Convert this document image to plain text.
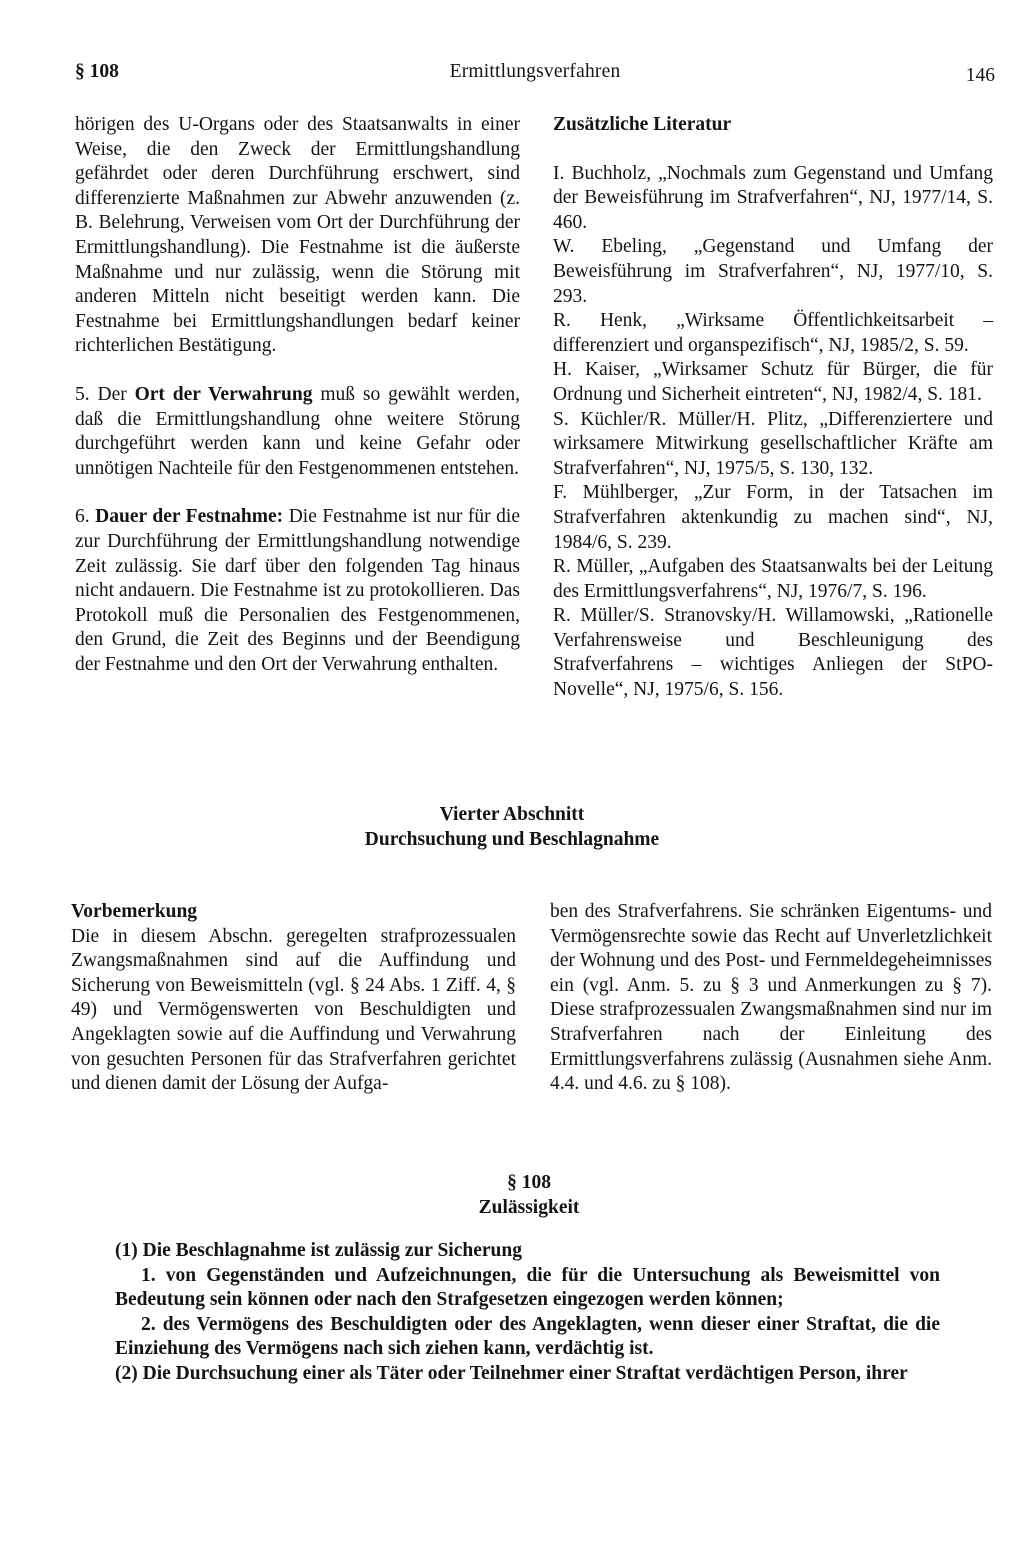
§ 108	Ermittlungsverfahren	146

hörigen des U-Organs oder des Staatsanwalts in einer Weise, die den Zweck der Ermittlungshandlung gefährdet oder deren Durchführung erschwert, sind differenzierte Maßnahmen zur Abwehr anzuwenden (z. B. Belehrung, Verweisen vom Ort der Durchführung der Ermittlungshandlung). Die Festnahme ist die äußerste Maßnahme und nur zulässig, wenn die Störung mit anderen Mitteln nicht beseitigt werden kann. Die Festnahme bei Ermittlungshandlungen bedarf keiner richterlichen Bestätigung.

5. Der Ort der Verwahrung muß so gewählt werden, daß die Ermittlungshandlung ohne weitere Störung durchgeführt werden kann und keine Gefahr oder unnötigen Nachteile für den Festgenommenen entstehen.

6. Dauer der Festnahme: Die Festnahme ist nur für die zur Durchführung der Ermittlungshandlung notwendige Zeit zulässig. Sie darf über den folgenden Tag hinaus nicht andauern. Die Festnahme ist zu protokollieren. Das Protokoll muß die Personalien des Festgenommenen, den Grund, die Zeit des Beginns und der Beendigung der Festnahme und den Ort der Verwahrung enthalten.

Zusätzliche Literatur

I. Buchholz, „Nochmals zum Gegenstand und Umfang der Beweisführung im Strafverfahren“, NJ, 1977/14, S. 460.

W. Ebeling, „Gegenstand und Umfang der Beweisführung im Strafverfahren“, NJ, 1977/10, S. 293.

R. Henk, „Wirksame Öffentlichkeitsarbeit – differenziert und organspezifisch“, NJ, 1985/2, S. 59.

H. Kaiser, „Wirksamer Schutz für Bürger, die für Ordnung und Sicherheit eintreten“, NJ, 1982/4, S. 181.

S. Küchler/R. Müller/H. Plitz, „Differenziertere und wirksamere Mitwirkung gesellschaftlicher Kräfte am Strafverfahren“, NJ, 1975/5, S. 130, 132.

F. Mühlberger, „Zur Form, in der Tatsachen im Strafverfahren aktenkundig zu machen sind“, NJ, 1984/6, S. 239.

R. Müller, „Aufgaben des Staatsanwalts bei der Leitung des Ermittlungsverfahrens“, NJ, 1976/7, S. 196.

R. Müller/S. Stranovsky/H. Willamowski, „Rationelle Verfahrensweise und Beschleunigung des Strafverfahrens – wichtiges Anliegen der StPO-Novelle“, NJ, 1975/6, S. 156.

Vierter Abschnitt
Durchsuchung und Beschlagnahme

Vorbemerkung

Die in diesem Abschn. geregelten strafprozessualen Zwangsmaßnahmen sind auf die Auffindung und Sicherung von Beweismitteln (vgl. § 24 Abs. 1 Ziff. 4, § 49) und Vermögenswerten von Beschuldigten und Angeklagten sowie auf die Auffindung und Verwahrung von gesuchten Personen für das Strafverfahren gerichtet und dienen damit der Lösung der Aufga-

ben des Strafverfahrens. Sie schränken Eigentums- und Vermögensrechte sowie das Recht auf Unverletzlichkeit der Wohnung und des Post- und Fernmeldegeheimnisses ein (vgl. Anm. 5. zu § 3 und Anmerkungen zu § 7). Diese strafprozessualen Zwangsmaßnahmen sind nur im Strafverfahren nach der Einleitung des Ermittlungsverfahrens zulässig (Ausnahmen siehe Anm. 4.4. und 4.6. zu § 108).

§ 108
Zulässigkeit

(1) Die Beschlagnahme ist zulässig zur Sicherung

1. von Gegenständen und Aufzeichnungen, die für die Untersuchung als Beweismittel von Bedeutung sein können oder nach den Strafgesetzen eingezogen werden können;

2. des Vermögens des Beschuldigten oder des Angeklagten, wenn dieser einer Straftat, die die Einziehung des Vermögens nach sich ziehen kann, verdächtig ist.

(2) Die Durchsuchung einer als Täter oder Teilnehmer einer Straftat verdächtigen Person, ihrer
